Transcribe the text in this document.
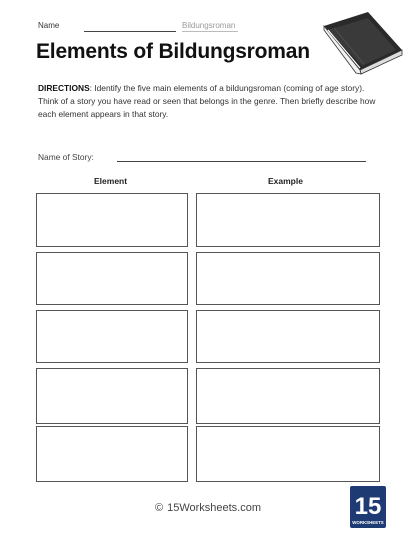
Name	Bildungsroman
Elements of Bildungsroman
DIRECTIONS: Identify the five main elements of a bildungsroman (coming of age story). Think of a story you have read or seen that belongs in the genre. Then briefly describe how each element appears in that story.
Name of Story:
Element	Example
© 15Worksheets.com	15
WORKSHEETS
